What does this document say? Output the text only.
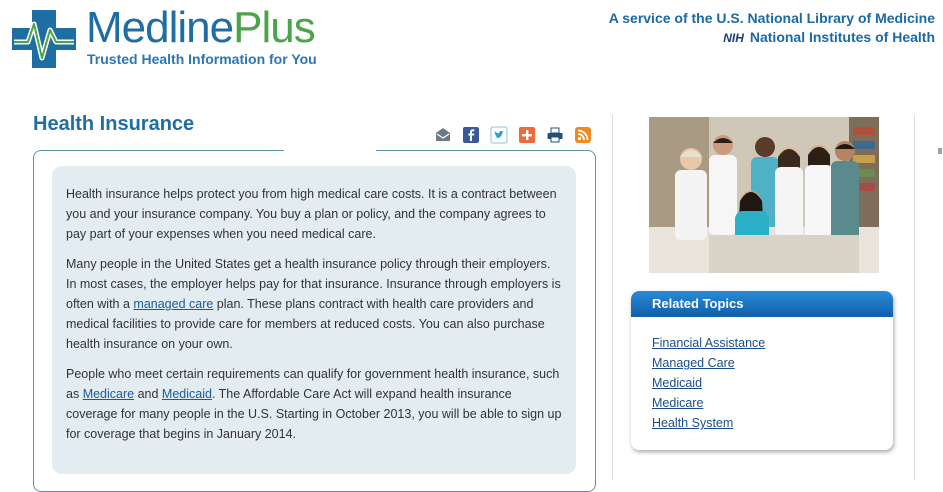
MedlinePlus
Trusted Health Information for You
A service of the U.S. National Library of Medicine
NIH National Institutes of Health
Health Insurance

Health insurance helps protect you from high medical care costs. It is a contract between you and your insurance company. You buy a plan or policy, and the company agrees to pay part of your expenses when you need medical care.

Many people in the United States get a health insurance policy through their employers. In most cases, the employer helps pay for that insurance. Insurance through employers is often with a managed care plan. These plans contract with health care providers and medical facilities to provide care for members at reduced costs. You can also purchase health insurance on your own.

People who meet certain requirements can qualify for government health insurance, such as Medicare and Medicaid. The Affordable Care Act will expand health insurance coverage for many people in the U.S. Starting in October 2013, you will be able to sign up for coverage that begins in January 2014.

Related Topics
Financial Assistance
Managed Care
Medicaid
Medicare
Health System
